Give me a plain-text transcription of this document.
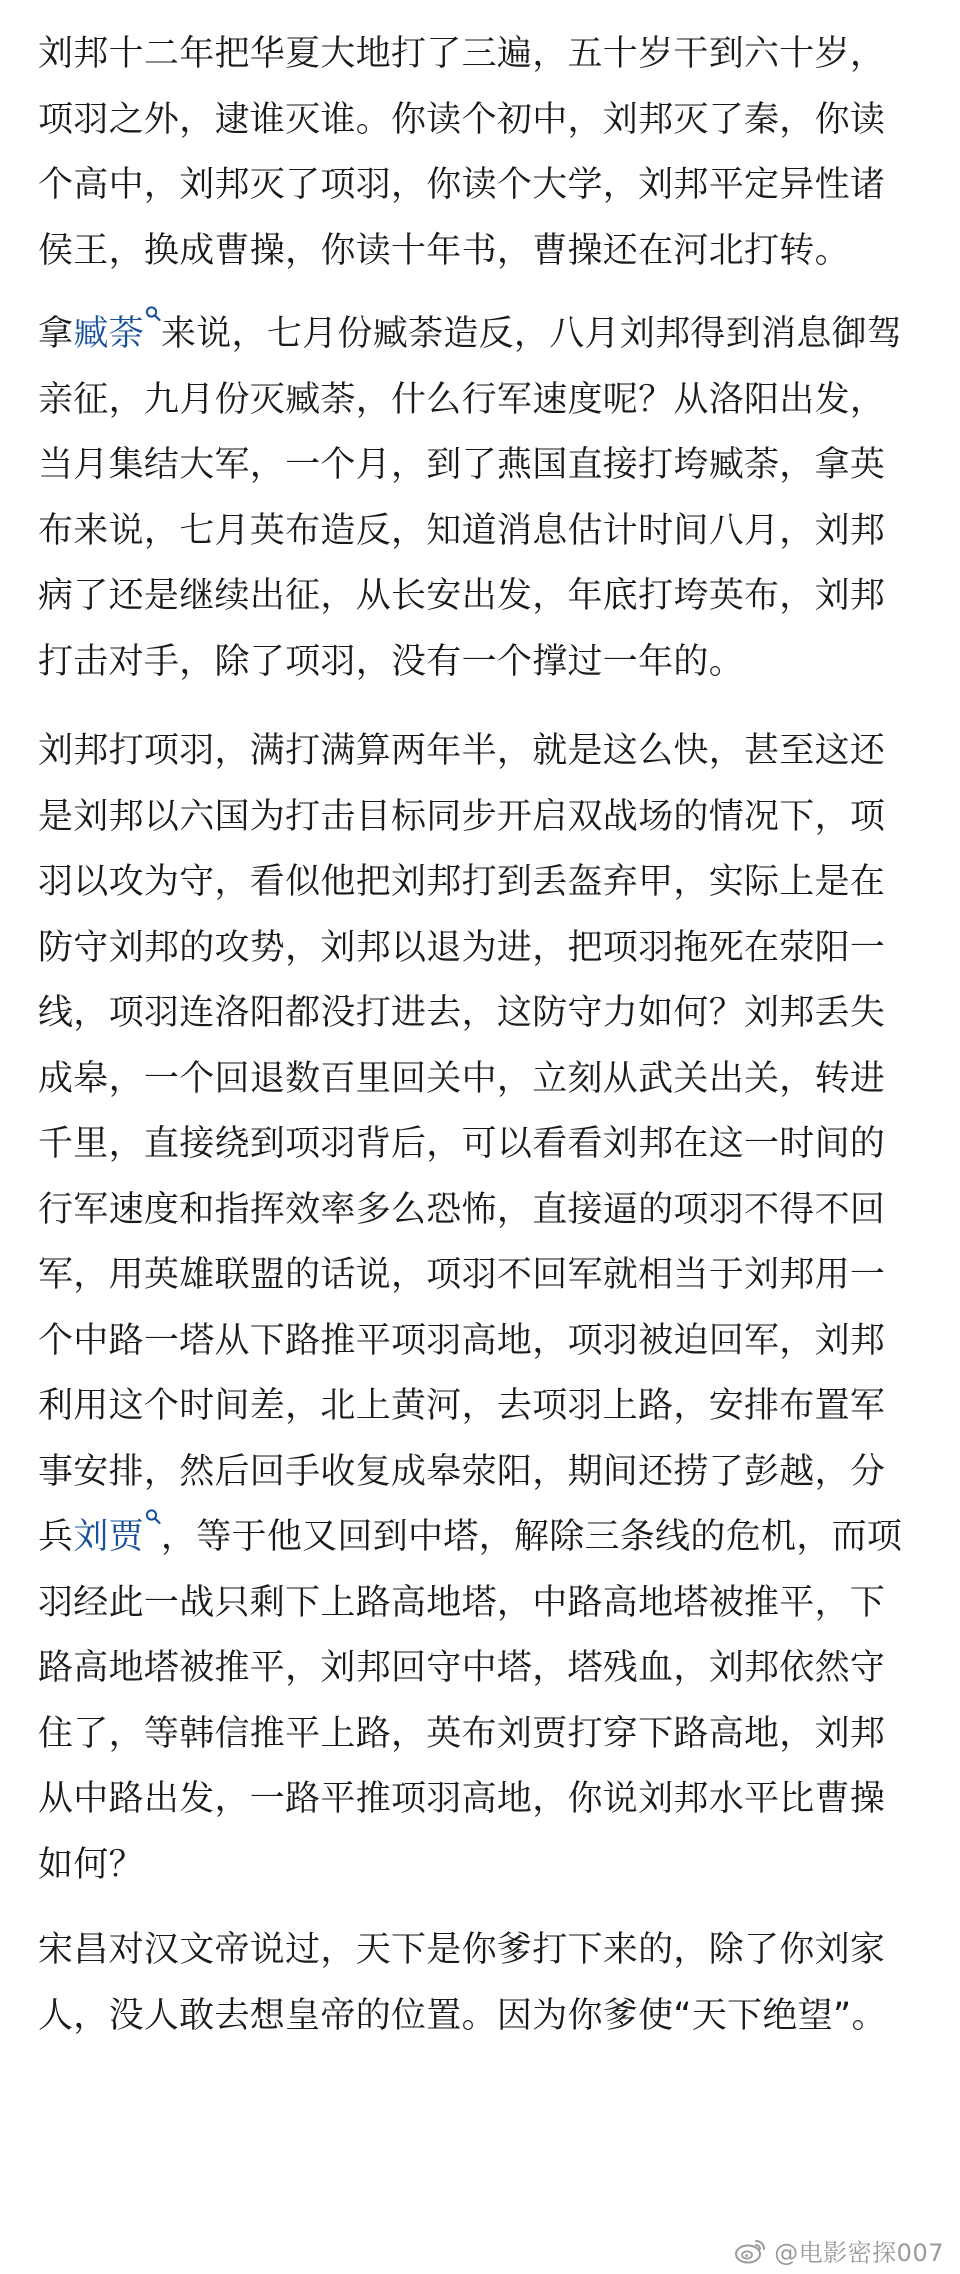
刘邦十二年把华夏大地打了三遍，五十岁干到六十岁，项羽之外，逮谁灭谁。你读个初中，刘邦灭了秦，你读个高中，刘邦灭了项羽，你读个大学，刘邦平定异性诸侯王，换成曹操，你读十年书，曹操还在河北打转。

拿臧荼 来说，七月份臧荼造反，八月刘邦得到消息御驾亲征，九月份灭臧荼，什么行军速度呢？从洛阳出发，当月集结大军，一个月，到了燕国直接打垮臧荼，拿英布来说，七月英布造反，知道消息估计时间八月，刘邦病了还是继续出征，从长安出发，年底打垮英布，刘邦打击对手，除了项羽，没有一个撑过一年的。

刘邦打项羽，满打满算两年半，就是这么快，甚至这还是刘邦以六国为打击目标同步开启双战场的情况下，项羽以攻为守，看似他把刘邦打到丢盔弃甲，实际上是在防守刘邦的攻势，刘邦以退为进，把项羽拖死在荥阳一线，项羽连洛阳都没打进去，这防守力如何？刘邦丢失成皋，一个回退数百里回关中，立刻从武关出关，转进千里，直接绕到项羽背后，可以看看刘邦在这一时间的行军速度和指挥效率多么恐怖，直接逼的项羽不得不回军，用英雄联盟的话说，项羽不回军就相当于刘邦用一个中路一塔从下路推平项羽高地，项羽被迫回军，刘邦利用这个时间差，北上黄河，去项羽上路，安排布置军事安排，然后回手收复成皋荥阳，期间还捞了彭越，分兵刘贾 ，等于他又回到中塔，解除三条线的危机，而项羽经此一战只剩下上路高地塔，中路高地塔被推平，下路高地塔被推平，刘邦回守中塔，塔残血，刘邦依然守住了，等韩信推平上路，英布刘贾打穿下路高地，刘邦从中路出发，一路平推项羽高地，你说刘邦水平比曹操如何？

宋昌对汉文帝说过，天下是你爹打下来的，除了你刘家人，没人敢去想皇帝的位置。因为你爹使“天下绝望”。

@电影密探007
